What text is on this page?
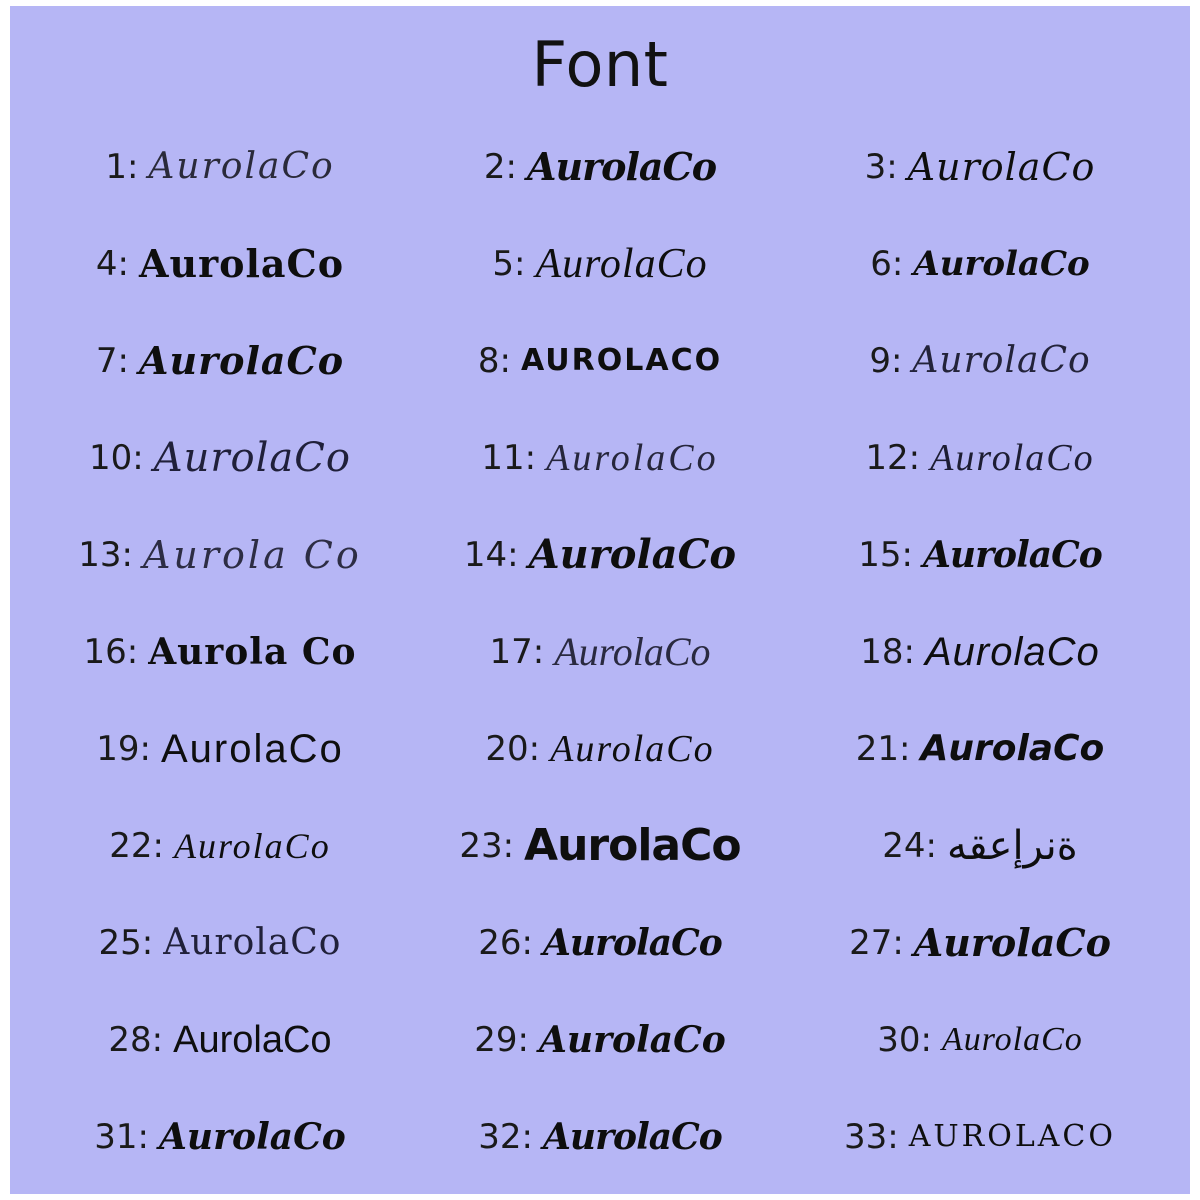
Font
1: AurolaCo	2: AurolaCo	3: AurolaCo
4: AurolaCo	5: AurolaCo	6: AurolaCo
7: AurolaCo	8: AUROLACO	9: AurolaCo
10: AurolaCo	11: AurolaCo	12: AurolaCo
13: Aurola Co	14: AurolaCo	15: AurolaCo
16: Aurola Co	17: AurolaCo	18: AurolaCo
19: AurolaCo	20: AurolaCo	21: AurolaCo
22: AurolaCo	23: AurolaCo	24: ةنرإعقه
25: AurolaCo	26: AurolaCo	27: AurolaCo
28: AurolaCo	29: AurolaCo	30: AurolaCo
31: AurolaCo	32: AurolaCo	33: AUROLACO
